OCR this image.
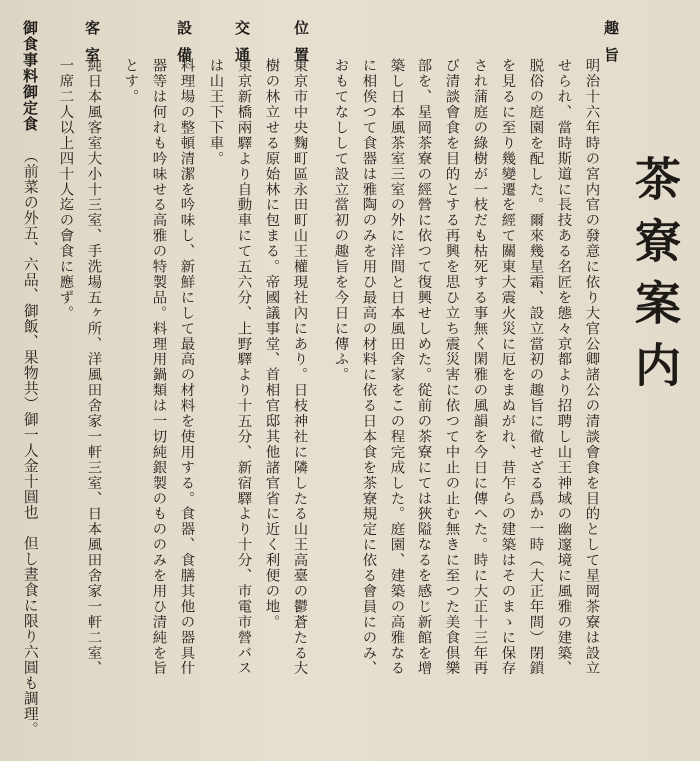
茶寮案内
趣旨
明治十六年時の宮内官の發意に依り大官公卿諸公の清談會食を目的として星岡茶寮は設立
せられ、當時斯道に長技ある名匠を態々京都より招聘し山王神域の幽邃境に風雅の建築、
脱俗の庭園を配した。爾來幾星霜、設立當初の趣旨に徹せざる爲か一時（大正年間）閉鎖
を見るに至り幾變遷を經て關東大震火災に厄をまぬがれ、昔乍らの建築はそのまゝに保存
され蒲庭の綠樹が一枝だも枯死する事無く閑雅の風韻を今日に傳へた。時に大正十三年再
び清談會食を目的とする再興を思ひ立ち震災害に依つて中止の止む無きに至つた美食倶樂
部を、星岡茶寮の經營に依つて復興せしめた。從前の茶寮にては狹隘なるを感じ新館を增
築し日本風茶室三室の外に洋間と日本風田舍家をこの程完成した。庭園、建築の高雅なる
に相俟つて食器は雅陶のみを用ひ最高の材料に依る日本食を茶寮規定に依る會員にのみ、
おもてなしして設立當初の趣旨を今日に傳ふ。
位置
東京市中央麴町區永田町山王權現社內にあり。日枝神社に隣したる山王高臺の鬱蒼たる大
樹の林立せる原始林に包まる。帝國議事堂、首相官邸其他諸官省に近く利便の地。
交通
東京新橋兩驛より自動車にて五六分、上野驛より十五分、新宿驛より十分、市電市營バス
は山王下下車。
設備
料理場の整頓清潔を吟味し、新鮮にして最高の材料を使用する。食器、食膳其他の器具什
器等は何れも吟味せる高雅の特製品。料理用鍋類は一切純銀製のもののみを用ひ清純を旨
とす。
客室
純日本風客室大小十三室、手洗場五ヶ所、洋風田舍家一軒三室、日本風田舍家一軒二室、
一席二人以上四十人迄の會食に應ず。
御食事料御定食
（前菜の外五、六品、御飯、果物共）御一人金十圓也　但し晝食に限り六圓も調理。
